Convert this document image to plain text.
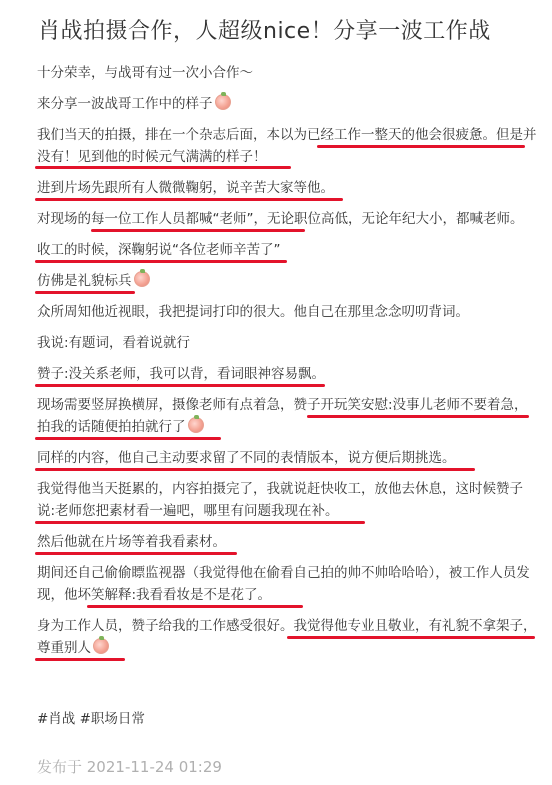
肖战拍摄合作，人超级nice！分享一波工作战

十分荣幸，与战哥有过一次小合作～

来分享一波战哥工作中的样子

我们当天的拍摄，排在一个杂志后面，本以为已经工作一整天的他会很疲惫。但是并没有！见到他的时候元气满满的样子！

进到片场先跟所有人微微鞠躬，说辛苦大家等他。

对现场的每一位工作人员都喊“老师”，无论职位高低，无论年纪大小，都喊老师。

收工的时候，深鞠躬说“各位老师辛苦了”

仿佛是礼貌标兵

众所周知他近视眼，我把提词打印的很大。他自己在那里念念叨叨背词。

我说:有题词，看着说就行

赞子:没关系老师，我可以背，看词眼神容易飘。

现场需要竖屏换横屏，摄像老师有点着急，赞子开玩笑安慰:没事儿老师不要着急，拍我的话随便拍拍就行了

同样的内容，他自己主动要求留了不同的表情版本，说方便后期挑选。

我觉得他当天挺累的，内容拍摄完了，我就说赶快收工，放他去休息，这时候赞子说:老师您把素材看一遍吧，哪里有问题我现在补。

然后他就在片场等着我看素材。

期间还自己偷偷瞟监视器（我觉得他在偷看自己拍的帅不帅哈哈哈），被工作人员发现，他坏笑解释:我看看妆是不是花了。

身为工作人员，赞子给我的工作感受很好。我觉得他专业且敬业，有礼貌不拿架子，尊重别人

#肖战 #职场日常
发布于 2021-11-24 01:29
